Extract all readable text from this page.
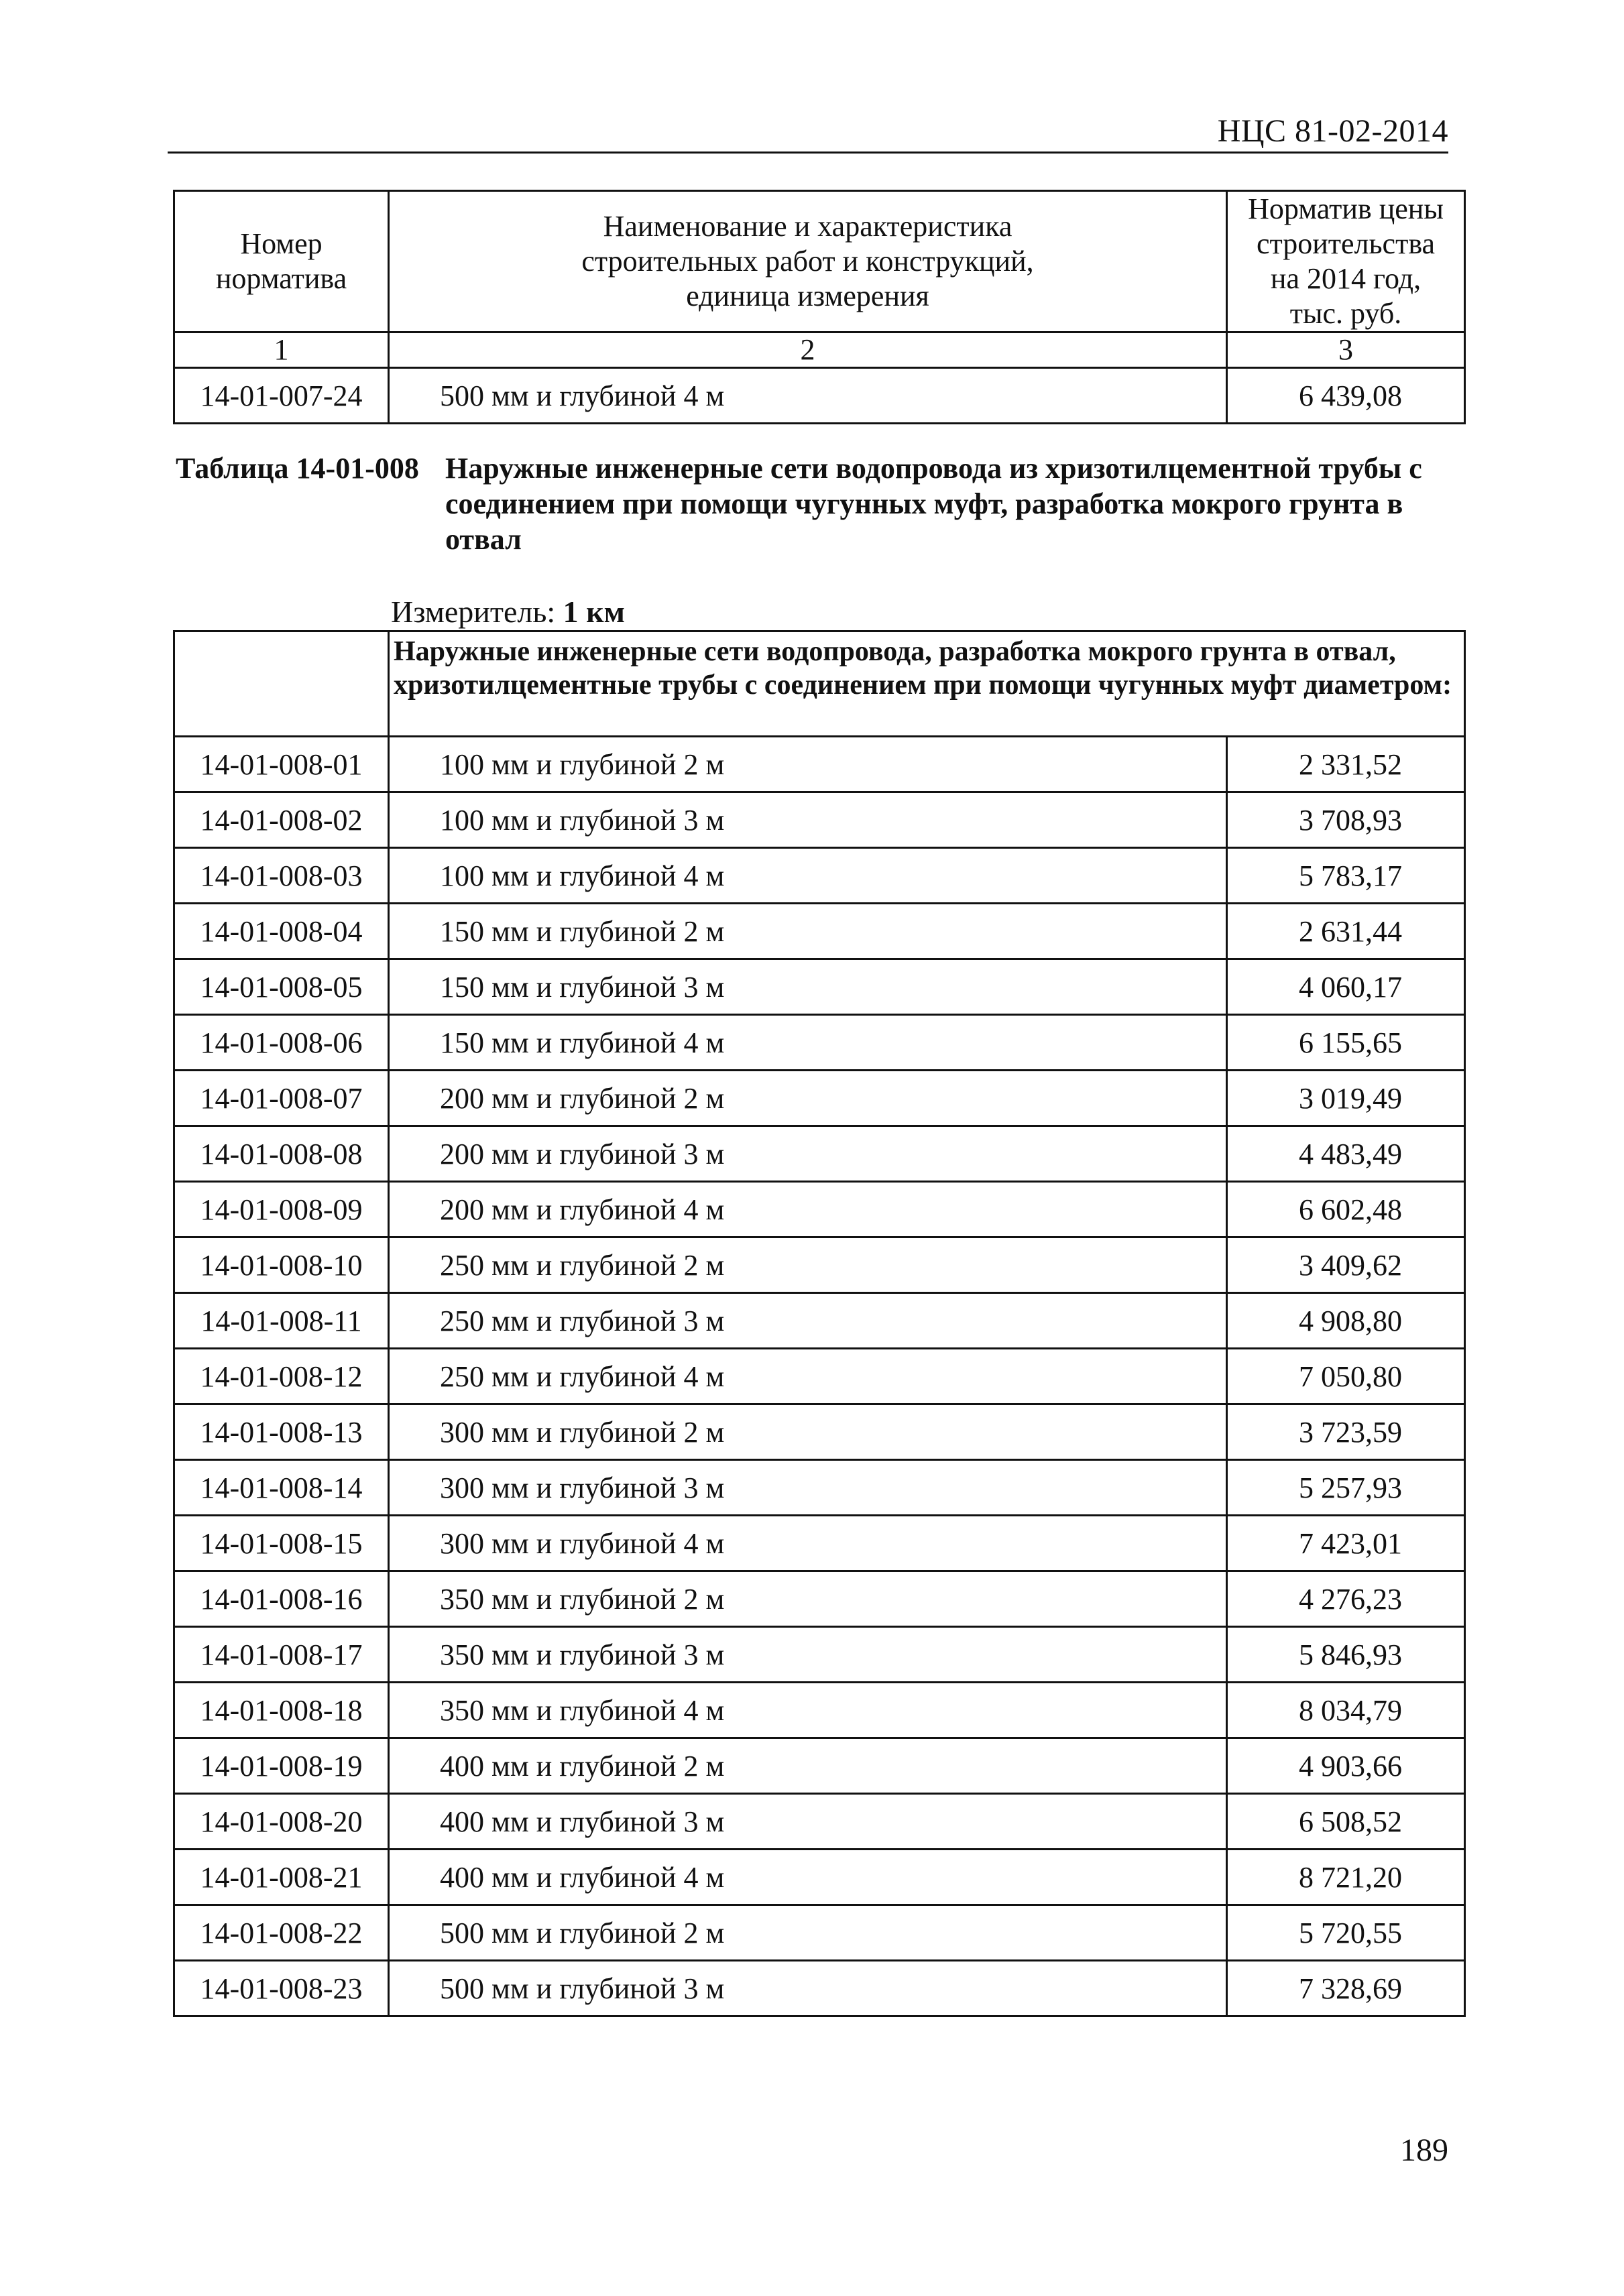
НЦС 81-02-2014
Номер норматива	Наименование и характеристика строительных работ и конструкций, единица измерения	Норматив цены строительства на 2014 год, тыс. руб.
1	2	3
14-01-007-24	500 мм и глубиной 4 м	6 439,08
Таблица 14-01-008 Наружные инженерные сети водопровода из хризотилцементной трубы с соединением при помощи чугунных муфт, разработка мокрого грунта в отвал
Измеритель: 1 км
	Наружные инженерные сети водопровода, разработка мокрого грунта в отвал, хризотилцементные трубы с соединением при помощи чугунных муфт диаметром:	
14-01-008-01	100 мм и глубиной 2 м	2 331,52
14-01-008-02	100 мм и глубиной 3 м	3 708,93
14-01-008-03	100 мм и глубиной 4 м	5 783,17
14-01-008-04	150 мм и глубиной 2 м	2 631,44
14-01-008-05	150 мм и глубиной 3 м	4 060,17
14-01-008-06	150 мм и глубиной 4 м	6 155,65
14-01-008-07	200 мм и глубиной 2 м	3 019,49
14-01-008-08	200 мм и глубиной 3 м	4 483,49
14-01-008-09	200 мм и глубиной 4 м	6 602,48
14-01-008-10	250 мм и глубиной 2 м	3 409,62
14-01-008-11	250 мм и глубиной 3 м	4 908,80
14-01-008-12	250 мм и глубиной 4 м	7 050,80
14-01-008-13	300 мм и глубиной 2 м	3 723,59
14-01-008-14	300 мм и глубиной 3 м	5 257,93
14-01-008-15	300 мм и глубиной 4 м	7 423,01
14-01-008-16	350 мм и глубиной 2 м	4 276,23
14-01-008-17	350 мм и глубиной 3 м	5 846,93
14-01-008-18	350 мм и глубиной 4 м	8 034,79
14-01-008-19	400 мм и глубиной 2 м	4 903,66
14-01-008-20	400 мм и глубиной 3 м	6 508,52
14-01-008-21	400 мм и глубиной 4 м	8 721,20
14-01-008-22	500 мм и глубиной 2 м	5 720,55
14-01-008-23	500 мм и глубиной 3 м	7 328,69
189
